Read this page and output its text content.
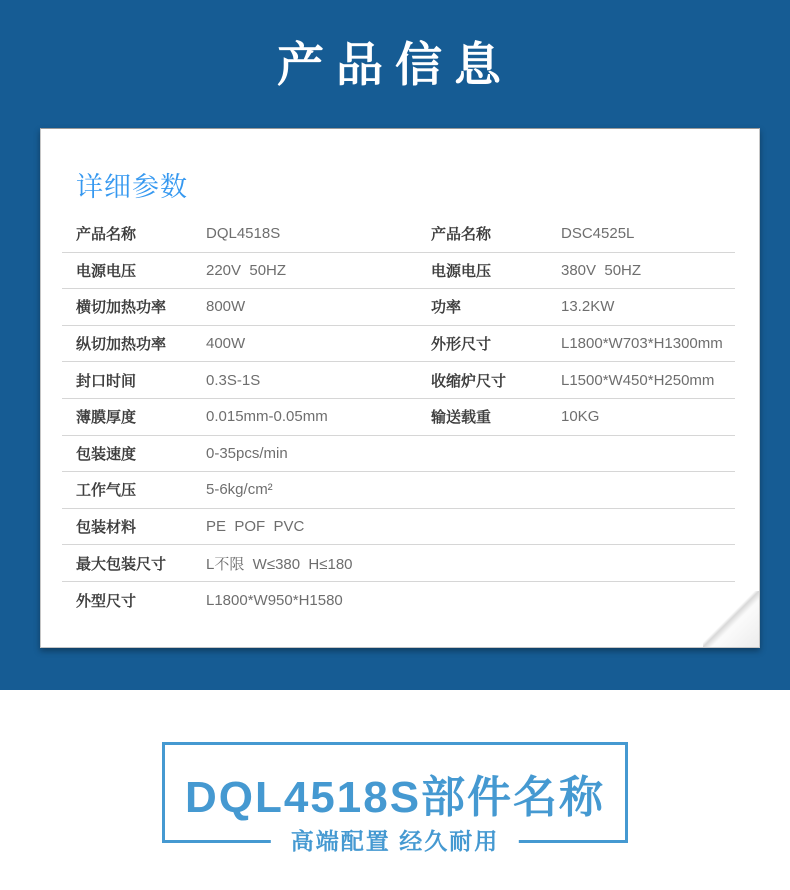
产品信息
详细参数
产品名称	DQL4518S	产品名称	DSC4525L
电源电压	220V  50HZ	电源电压	380V  50HZ
横切加热功率	800W	功率	13.2KW
纵切加热功率	400W	外形尺寸	L1800*W703*H1300mm
封口时间	0.3S-1S	收缩炉尺寸	L1500*W450*H250mm
薄膜厚度	0.015mm-0.05mm	输送载重	10KG
包装速度	0-35pcs/min
工作气压	5-6kg/cm²
包装材料	PE  POF  PVC
最大包装尺寸	L不限  W≤380  H≤180
外型尺寸	L1800*W950*H1580
DQL4518S部件名称
高端配置 经久耐用
